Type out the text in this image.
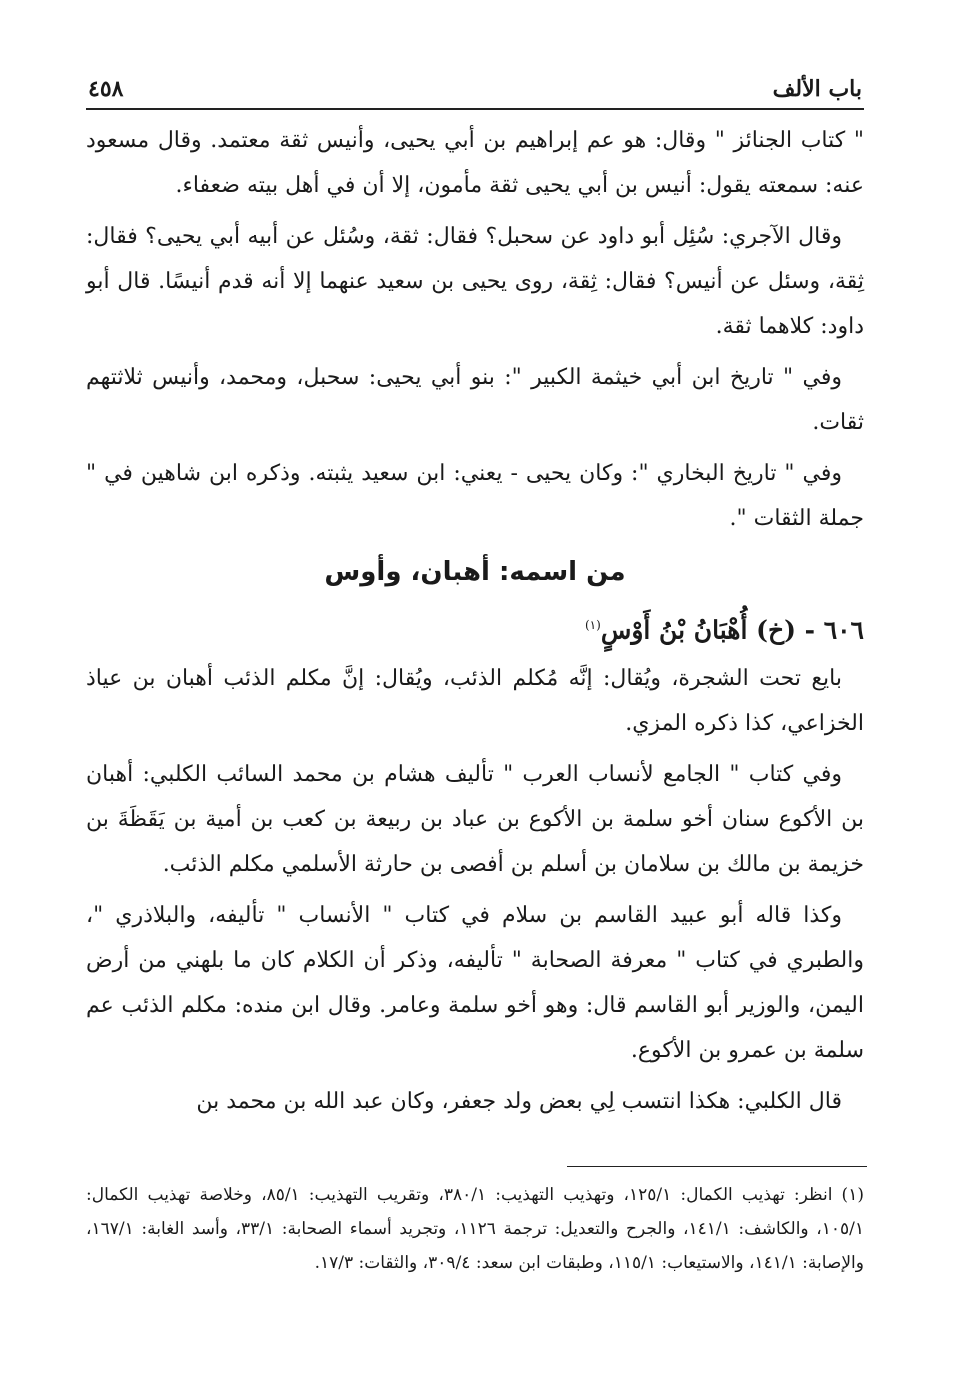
باب الألف
٤٥٨

" كتاب الجنائز " وقال: هو عم إبراهيم بن أبي يحيى، وأنيس ثقة معتمد. وقال مسعود عنه: سمعته يقول: أنيس بن أبي يحيى ثقة مأمون، إلا أن في أهل بيته ضعفاء.

وقال الآجري: سُئِل أبو داود عن سحبل؟ فقال: ثقة، وسُئل عن أبيه أبي يحيى؟ فقال: ثِقة، وسئل عن أنيس؟ فقال: ثِقة، روى يحيى بن سعيد عنهما إلا أنه قدم أنيسًا. قال أبو داود: كلاهما ثقة.

وفي " تاريخ ابن أبي خيثمة الكبير ": بنو أبي يحيى: سحبل، ومحمد، وأنيس ثلاثتهم ثقات.

وفي " تاريخ البخاري ": وكان يحيى - يعني: ابن سعيد يثبته. وذكره ابن شاهين في " جملة الثقات ".

من اسمه: أهبان، وأوس
٦٠٦ - (خ) أُهْبَانُ بْنُ أَوْسٍ$^{(١)}$

بايع تحت الشجرة، ويُقال: إنَّه مُكلم الذئب، ويُقال: إنَّ مكلم الذئب أهبان بن عياذ الخزاعي، كذا ذكره المزي.

وفي كتاب " الجامع لأنساب العرب " تأليف هشام بن محمد السائب الكلبي: أهبان بن الأكوع سنان أخو سلمة بن الأكوع بن عباد بن ربيعة بن كعب بن أمية بن يَقَظَةَ بن خزيمة بن مالك بن سلامان بن أسلم بن أفصى بن حارثة الأسلمي مكلم الذئب.

وكذا قاله أبو عبيد القاسم بن سلام في كتاب " الأنساب " تأليفه، والبلاذري "، والطبري في كتاب " معرفة الصحابة " تأليفه، وذكر أن الكلام كان ما بلهني من أرض اليمن، والوزير أبو القاسم قال: وهو أخو سلمة وعامر. وقال ابن منده: مكلم الذئب عم سلمة بن عمرو بن الأكوع.

قال الكلبي: هكذا انتسب لِي بعض ولد جعفر، وكان عبد الله بن محمد بن

(١) انظر: تهذيب الكمال: ١٢٥/١، وتهذيب التهذيب: ٣٨٠/١، وتقريب التهذيب: ٨٥/١، وخلاصة تهذيب الكمال: ١٠٥/١، والكاشف: ١٤١/١، والجرح والتعديل: ترجمة ١١٢٦، وتجريد أسماء الصحابة: ٣٣/١، وأسد الغابة: ١٦٧/١، والإصابة: ١٤١/١، والاستيعاب: ١١٥/١، وطبقات ابن سعد: ٣٠٩/٤، والثقات: ١٧/٣.
